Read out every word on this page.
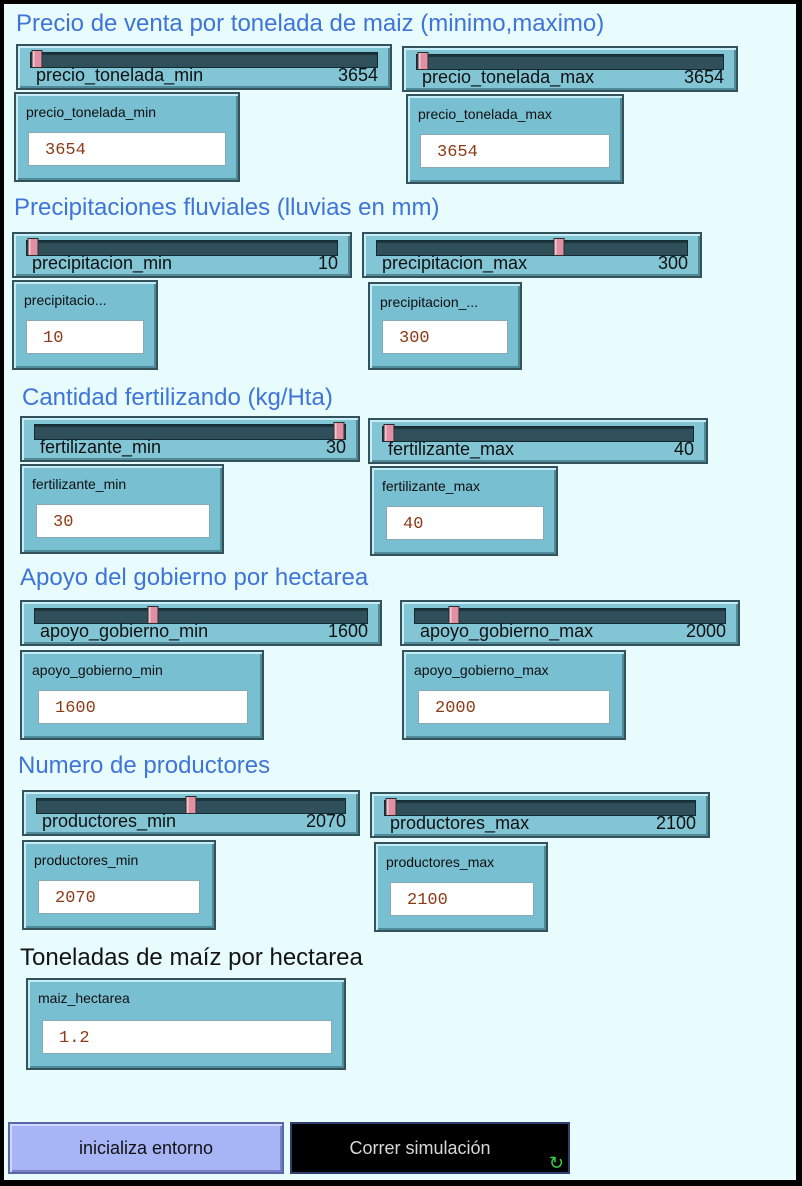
Precio de venta por tonelada de maiz (minimo,maximo)
precio_tonelada_min	3654 precio_tonelada_max	3654
precio_tonelada_min
3654
precio_tonelada_max
3654
Precipitaciones fluviales (lluvias en mm)
precipitacion_min	10 precipitacion_max	300
precipitacio...
10
precipitacion_...
300
Cantidad fertilizando (kg/Hta)
fertilizante_min	30 fertilizante_max	40
fertilizante_min
30
fertilizante_max
40
Apoyo del gobierno por hectarea
apoyo_gobierno_min	1600	apoyo_gobierno_max	2000
apoyo_gobierno_min
1600
apoyo_gobierno_max
2000
Numero de productores
productores_min	2070 productores_max	2100
productores_min
2070
productores_max
2100
Toneladas de maíz por hectarea
maiz_hectarea
1.2
inicializa entorno	Correr simulación
↻
